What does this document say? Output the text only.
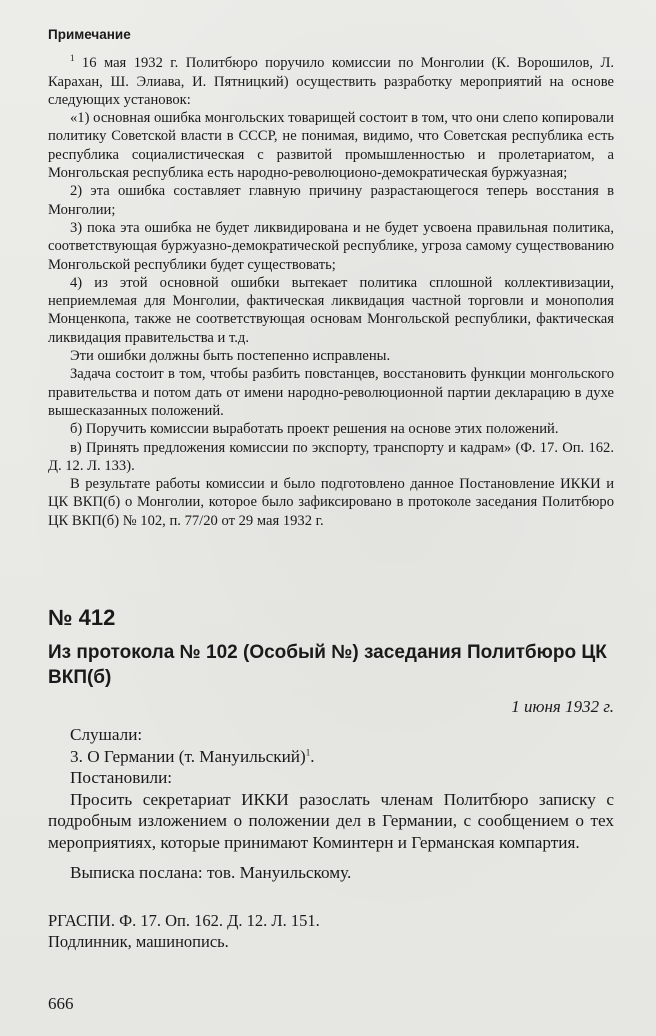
Примечание

$^1$ 16 мая 1932 г. Политбюро поручило комиссии по Монголии (К. Ворошилов, Л. Карахан, Ш. Элиава, И. Пятницкий) осуществить разработку мероприятий на основе следующих установок:

«1) основная ошибка монгольских товарищей состоит в том, что они слепо копировали политику Советской власти в СССР, не понимая, видимо, что Советская республика есть республика социалистическая с развитой промышленностью и пролетариатом, а Монгольская республика есть народно-революционо-демократическая буржуазная;

2) эта ошибка составляет главную причину разрастающегося теперь восстания в Монголии;

3) пока эта ошибка не будет ликвидирована и не будет усвоена правильная политика, соответствующая буржуазно-демократической республике, угроза самому существованию Монгольской республики будет существовать;

4) из этой основной ошибки вытекает политика сплошной коллективизации, неприемлемая для Монголии, фактическая ликвидация частной торговли и монополия Монценкопа, также не соответствующая основам Монгольской республики, фактическая ликвидация правительства и т.д.

Эти ошибки должны быть постепенно исправлены.

Задача состоит в том, чтобы разбить повстанцев, восстановить функции монгольского правительства и потом дать от имени народно-революционной партии декларацию в духе вышесказанных положений.

б) Поручить комиссии выработать проект решения на основе этих положений.

в) Принять предложения комиссии по экспорту, транспорту и кадрам» (Ф. 17. Оп. 162. Д. 12. Л. 133).

В результате работы комиссии и было подготовлено данное Постановление ИККИ и ЦК ВКП(б) о Монголии, которое было зафиксировано в протоколе заседания Политбюро ЦК ВКП(б) № 102, п. 77/20 от 29 мая 1932 г.

№ 412
Из протокола № 102 (Особый №) заседания Политбюро ЦК ВКП(б)
1 июня 1932 г.

Слушали:

3. О Германии (т. Мануильский)$^1$.

Постановили:

Просить секретариат ИККИ разослать членам Политбюро записку с подробным изложением о положении дел в Германии, с сообщением о тех мероприятиях, которые принимают Коминтерн и Германская компартия.

Выписка послана: тов. Мануильскому.

РГАСПИ. Ф. 17. Оп. 162. Д. 12. Л. 151.

Подлинник, машинопись.

666
